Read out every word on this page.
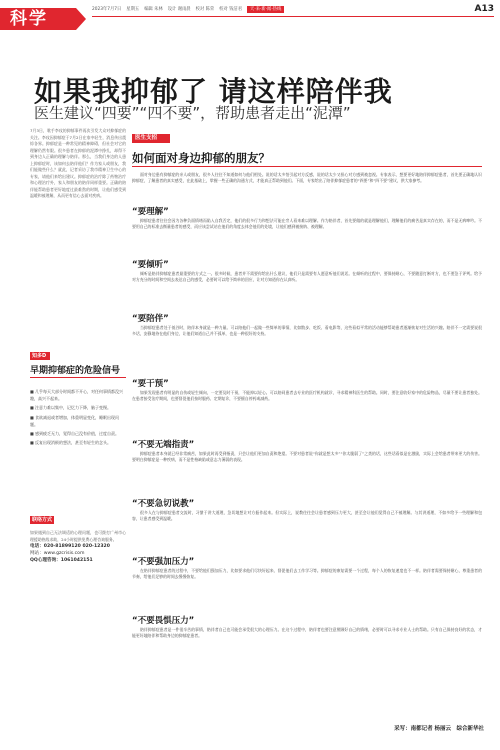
科学	2023年7月7日 星期五 编辑 朱林 设计 谢雨晨 校对 陈荣 校对 钱洁君	天·来·新·闻·热线	A13
如果我抑郁了 请这样陪伴我
医生建议“四要”“四不要”，帮助患者走出“泥潭”

7月3日，歌手李玟的抑郁事件再次引发大众对抑郁症的关注。李玟因抑郁症于7月2日在家中轻生，消息传出震惊各界。抑郁症是一种常见的精神障碍，但社会对它的理解仍然有限。很多患者在抑郁的泥潭中挣扎，却得不到身边人正确的理解与陪伴。那么，当我们身边的人患上抑郁症时，该如何去陪伴他们？作为家人或朋友，我们能做些什么？就此，记者采访了我市精神卫生中心的专家，请他们来给出建议。抑郁症的治疗除了药物治疗和心理治疗外，家人和朋友的陪伴同样重要。正确的陪伴能帮助患者更好地度过最难熬的时期，让他们感受到温暖和被理解，从而更有信心去面对疾病。

知多D
早期抑郁症的危险信号

■ 几乎每天大部分时间都不开心，对任何事情都没兴趣，高兴不起来。

■ 注意力难以集中，记忆力下降，脑子变慢。

■ 食欲减退或者增加，体重明显变化，睡眠出现问题。

■ 感到疲乏无力，觉得自己没有价值，过度自责。

■ 反复出现消极的想法，甚至有轻生的念头。

联络方式

如果遇到自己无法调适的心理问题，也可拨打广州市心理援助热线求助，24小时提供免费心理咨询服务。

电话：020-81899120 020-12320

网站：www.gzcrisis.com

QQ心理咨询：1061042151

医生支招
如何面对身边抑郁的朋友？

面对身边患有抑郁症的亲人或朋友，很多人往往不知道如何与他们相处。说的话太多怕引起对方反感，说的话太少又担心对方感到被忽视。专家表示，想要更好地陪伴抑郁症患者，首先要正确地认识抑郁症，了解患者的真实感受，在此基础上，掌握一些正确的沟通方式，才能真正帮助到他们。下面，专家给出了陪伴抑郁症患者的“四要”和“四不要”建议，供大家参考。

“要理解”

抑郁症患者往往会因为各种负面情绪而陷入自我否定，他们的很多行为和想法可能在旁人看来难以理解。作为陪伴者，首先要做的就是理解他们，理解他们的痛苦是真实存在的，而不是无病呻吟。不要用自己的标准去衡量患者的感受，而应该尝试站在他们的角度去体会他们的处境，让他们感到被接纳、被理解。

“要倾听”

倾听是陪伴抑郁症患者最重要的方式之一。很多时候，患者并不需要你给出什么建议，他们只是需要有人愿意听他们说话。在倾听的过程中，要保持耐心，不要随意打断对方，也不要急于评判。给予对方充分的时间和空间去表达自己的感受，必要时可以给予简单的回应，让对方知道你在认真听。

“要陪伴”

当抑郁症患者处于低谷时，陪伴本身就是一种力量。可以陪他们一起做一些简单的事情，比如散步、吃饭、看电影等，这些看似平常的活动能够帮助患者逐渐恢复对生活的兴趣。陪伴不一定需要说很多话，安静地待在他们身边，让他们知道自己并不孤单，也是一种很好的支持。

“要干预”

如果发现患者有明显的自伤或轻生倾向，一定要及时干预，不能掉以轻心。可以陪同患者去专业的医疗机构就诊，寻求精神科医生的帮助。同时，要注意收好家中的危险物品，尽量不要让患者独处。在患者接受治疗期间，也要督促他们按时服药、定期复诊，不要擅自停药或减药。

“不要无端指责”

抑郁症患者本身就已经非常痛苦，如果此时再受到指责，只会让他们更加自责和绝望。不要对患者说“你就是想太多”“你太脆弱了”之类的话，这些话看似是在激励，实际上会给患者带来更大的伤害。要明白抑郁症是一种疾病，而不是性格缺陷或意志力薄弱的表现。

“不要急切说教”

很多人在与抑郁症患者交流时，习惯于讲大道理，急切地想让对方振作起来。但实际上，说教往往会让患者感到压力更大，甚至会让他们觉得自己不被理解。与其讲道理，不如多给予一些理解和包容，让患者感受到温暖。

“不要强加压力”

在陪伴抑郁症患者的过程中，不要给他们强加压力，比如要求他们尽快好起来、督促他们去工作学习等。抑郁症的康复需要一个过程，每个人的恢复速度也不一样。陪伴者需要保持耐心，尊重患者的节奏，给他们足够的时间去慢慢恢复。

“不要畏惧压力”

陪伴抑郁症患者是一件很辛苦的事情，陪伴者自己也可能会承受很大的心理压力。在这个过程中，陪伴者也要注意照顾好自己的情绪，必要时可以寻求专业人士的帮助。只有自己保持良好的状态，才能更好地陪伴和帮助身边的抑郁症患者。

采写：南都记者 杨丽云　综合新华社
